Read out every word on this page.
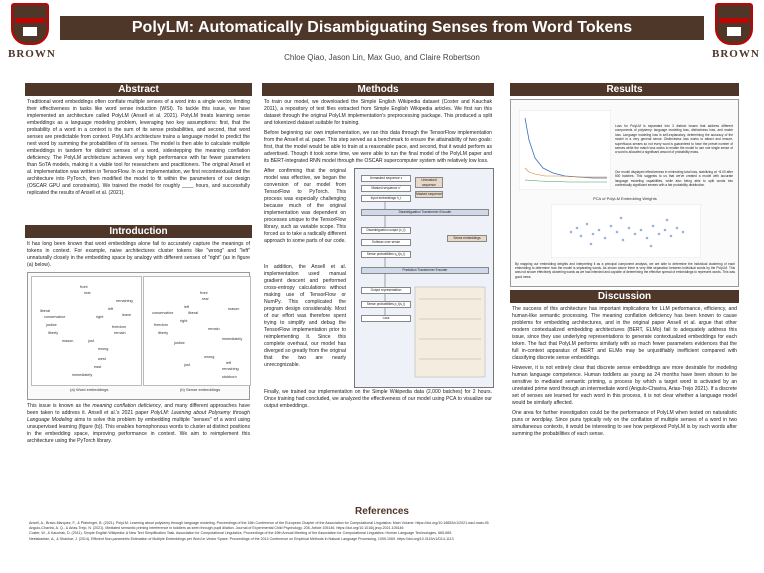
BROWN
PolyLM: Automatically Disambiguating Senses from Word Tokens
Chloe Qiao, Jason Lin, Max Guo, and Claire Robertson	BROWN
Abstract
Traditional word embeddings often conflate multiple senses of a word into a single vector, limiting their effectiveness in tasks like word sense induction (WSI). To tackle this issue, we have implemented an architecture called PolyLM (Ansell et al. 2021). PolyLM treats learning sense embeddings as a language modeling problem, leveraging two key assumptions: first, that the probability of a word in a context is the sum of its sense probabilities, and second, that word senses are predictable from context. PolyLM's architecture trains a language model to predict the next word by summing the probabilities of its senses. The model is then able to calculate multiple embeddings in tandem for distinct senses of a word, sidestepping the meaning conflation deficiency. The PolyLM architecture achieves very high performance with far fewer parameters than SoTA models, making it a viable tool for researchers and practitioners. The original Ansell et al. implementation was written in TensorFlow. In our implementation, we first reconteextualized the architecture into PyTorch, then modified the model to fit within the parameters of our design (OSCAR GPU and constraints). We trained the model for roughly ____ hours, and successfully replicated the results of Ansell et al. (2021).
Introduction
It has long been known that word embeddings alone fail to accurately capture the meanings of tokens in context. For example, naive architectures cluster tokens like "wrong" and "left" unnaturally closely in the embedding space by analogy with different senses of "right" (as in figure (a) below).
front
rear
remaining
left
leave
conservative
liberal
right
freedom
remain
justice
liberty
mason	just
wrong
west
east
immediately
conservative	liberal
front
rear
right
left
freedom
liberty
remain
mason
justice
immediately
left
remaining
wrong
just
stubborn
(a) Word embeddings	(b) Sense embeddings
This issue is known as the meaning conflation deficiency, and many different approaches have been taken to address it. Ansell et al.'s 2021 paper PolyLM: Learning about Polysemy through Language Modeling aims to solve this problem by embedding multiple "senses" of a word using unsupervised learning (figure (b)). This enables homophonous words to cluster at distinct positions in the embedding space, improving performance in context. We aim to reimplement this architecture using the PyTorch library.
Methods
To train our model, we downloaded the Simple English Wikipedia dataset (Coster and Kauchak 2011), a repository of text files extracted from Simple English Wikipedia articles. We first ran this dataset through the original PolyLM implementation's preprocessing package. This produced a split and tokenized dataset suitable for training.
Before beginning our own implementation, we ran this data through the TensorFlow implementation from the Ansell et al. paper. This step served as a benchmark to ensure the attainability of two goals: first, that the model would be able to train at a reasonable pace, and second, that it would perform as advertised. Though it took some time, we were able to run the final model of the PolyLM paper and its BERT-integrated RNN model through the OSCAR supercomputer system with relatively low loss.
After confirming that the original model was effective, we began the conversion of our model from TensorFlow to PyTorch. This process was especially challenging because much of the original implementation was dependent on processes unique to the TensorFlow library, such as variable scope. This forced us to take a radically different approach to some parts of our code.
In addition, the Ansell et al. implementation used manual gradient descent and performed cross-entropy calculations without making use of TensorFlow or NumPy. This complicated the program design considerably. Most of our effort was therefore spent trying to simplify and debug the TensorFlow implementation prior to reimplementing it. Since this complete overhaul, our model has diverged so greatly from the original that the two are nearly unrecognizable.
Unmasked sequence x
Masked sequence x'
Input embeddings h_t
Unmasked sequence
Masked sequence
Disambiguation Transformer Encoder
Disambiguation output (c_t)
Softmax over sense
Sense probabilities q_t(s_i)
Sense embeddings
Prediction Transformer Encoder
Output representation
Sense probabilities p_t(s_i)
Loss
Finally, we trained our implementation on the Simple Wikipedia data (2,000 batches) for 2 hours. Once training had concluded, we analyzed the effectiveness of our model using PCA to visualize our output embeddings.
Results
Loss for PolyLM is separated into 3 distinct losses that address different components of polysemy: language modeling loss, distinctness loss, and match loss. Language modeling loss is self-explanatory, determining the accuracy of the model in a very general sense. Distinctness loss works to attract and ensure, superfluous senses so not every word is guaranteed to have the preset number of senses while the match loss works to enable the model to use one single sense of a word is allocated a significant amount of probability mass.
Our model displayed effectiveness in minimizing total loss, stabilizing at ~8.00 after 500 batches. This suggests to us that we've created a model with accurate language modeling capabilities, while also being able to split words into contextually significant senses with a fair probability distribution.
PCA of PolyLM Embedding Weights
By mapping our embedding weights and interpreting it as a principal component analysis, we are able to determine the individual clustering of each embedding to determine how the model is separating words. As shown above there is very little separation between individual words by the PolyLM. This was not shown effectively clustering words as we had intended and capable of determining the effective spread of embeddings to represent words. This was good news.
Discussion
The success of this architecture has important implications for LLM performance, efficiency, and human-like semantic processing. The meaning conflation deficiency has been known to cause problems for embedding architectures, and in the original paper Ansell et al. argue that other modern contextualized embedding architectures (BERT, ELMo) fail to adequately address this issue, since they use underlying representations to generate contextualized embeddings for each token. The fact that PolyLM performs similarly with so much fewer parameters evidences that the full in-context apparatus of BERT and ELMo may be unjustifiably inefficient compared with classifying discrete sense embeddings.
However, it is not entirely clear that discrete sense embeddings are more desirable for modeling human language competence. Human toddlers as young as 24 months have been shown to be sensitive to mediated semantic priming, a process by which a target word is activated by an unrelated prime word through an intermediate word (Angulo-Chavira, Arias-Trejo 2021). If a discrete set of senses are learned for each word in this process, it is not clear whether a language model would be similarly affected.
One area for further investigation could be the performance of PolyLM when tested on naturalistic puns or wordplay. Since puns typically rely on the conflation of multiple senses of a word in two simultaneous contexts, it would be interesting to see how perplexed PolyLM is by such words after summing the probabilities of each sense.
References
Ansell, A., Bravo-Marquez, F., & Pfahringer, B. (2021). PolyLM: Learning about polysemy through language modeling. Proceedings of the 16th Conference of the European Chapter of the Association for Computational Linguistics: Main Volume. https://doi.org/10.18653/v1/2021.eacl-main.45
Angulo-Chavira, A. Q., & Arias-Trejo, N. (2021). Mediated semantic priming interference in toddlers as seen through pupil dilation. Journal of Experimental Child Psychology, 208, Article 105146. https://doi.org/10.1016/j.jecp.2021.105146
Coster, W., & Kauchak, D. (2011). Simple English Wikipedia: A New Text Simplification Task. Association for Computational Linguistics, Proceedings of the 49th Annual Meeting of the Association for Computational Linguistics: Human Language Technologies, 665-669.
Neelakantan, A., & Shankar, J. (2014). Efficient Non-parametric Estimation of Multiple Embeddings per Word in Vector Space. Proceedings of the 2014 Conference on Empirical Methods in Natural Language Processing, 1059-1069. https://doi.org/10.3115/v1/D14-1113
